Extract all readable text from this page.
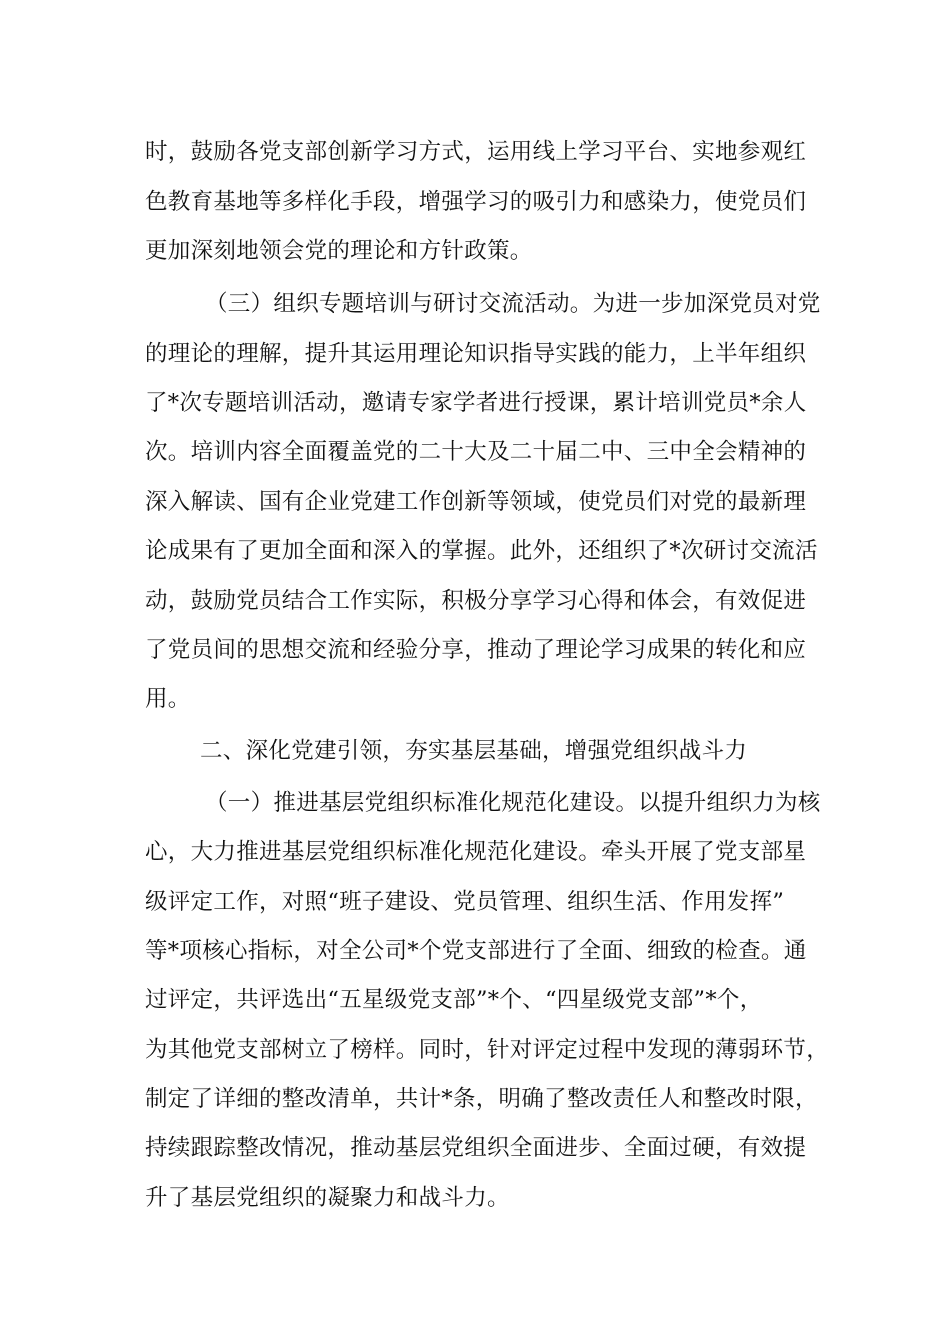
时，鼓励各党支部创新学习方式，运用线上学习平台、实地参观红
色教育基地等多样化手段，增强学习的吸引力和感染力，使党员们
更加深刻地领会党的理论和方针政策。
（三）组织专题培训与研讨交流活动。为进一步加深党员对党
的理论的理解，提升其运用理论知识指导实践的能力，上半年组织
了*次专题培训活动，邀请专家学者进行授课，累计培训党员*余人
次。培训内容全面覆盖党的二十大及二十届二中、三中全会精神的
深入解读、国有企业党建工作创新等领域，使党员们对党的最新理
论成果有了更加全面和深入的掌握。此外，还组织了*次研讨交流活
动，鼓励党员结合工作实际，积极分享学习心得和体会，有效促进
了党员间的思想交流和经验分享，推动了理论学习成果的转化和应
用。
二、深化党建引领，夯实基层基础，增强党组织战斗力
（一）推进基层党组织标准化规范化建设。以提升组织力为核
心，大力推进基层党组织标准化规范化建设。牵头开展了党支部星
级评定工作，对照“班子建设、党员管理、组织生活、作用发挥”
等*项核心指标，对全公司*个党支部进行了全面、细致的检查。通
过评定，共评选出“五星级党支部”*个、“四星级党支部”*个，
为其他党支部树立了榜样。同时，针对评定过程中发现的薄弱环节，
制定了详细的整改清单，共计*条，明确了整改责任人和整改时限，
持续跟踪整改情况，推动基层党组织全面进步、全面过硬，有效提
升了基层党组织的凝聚力和战斗力。
